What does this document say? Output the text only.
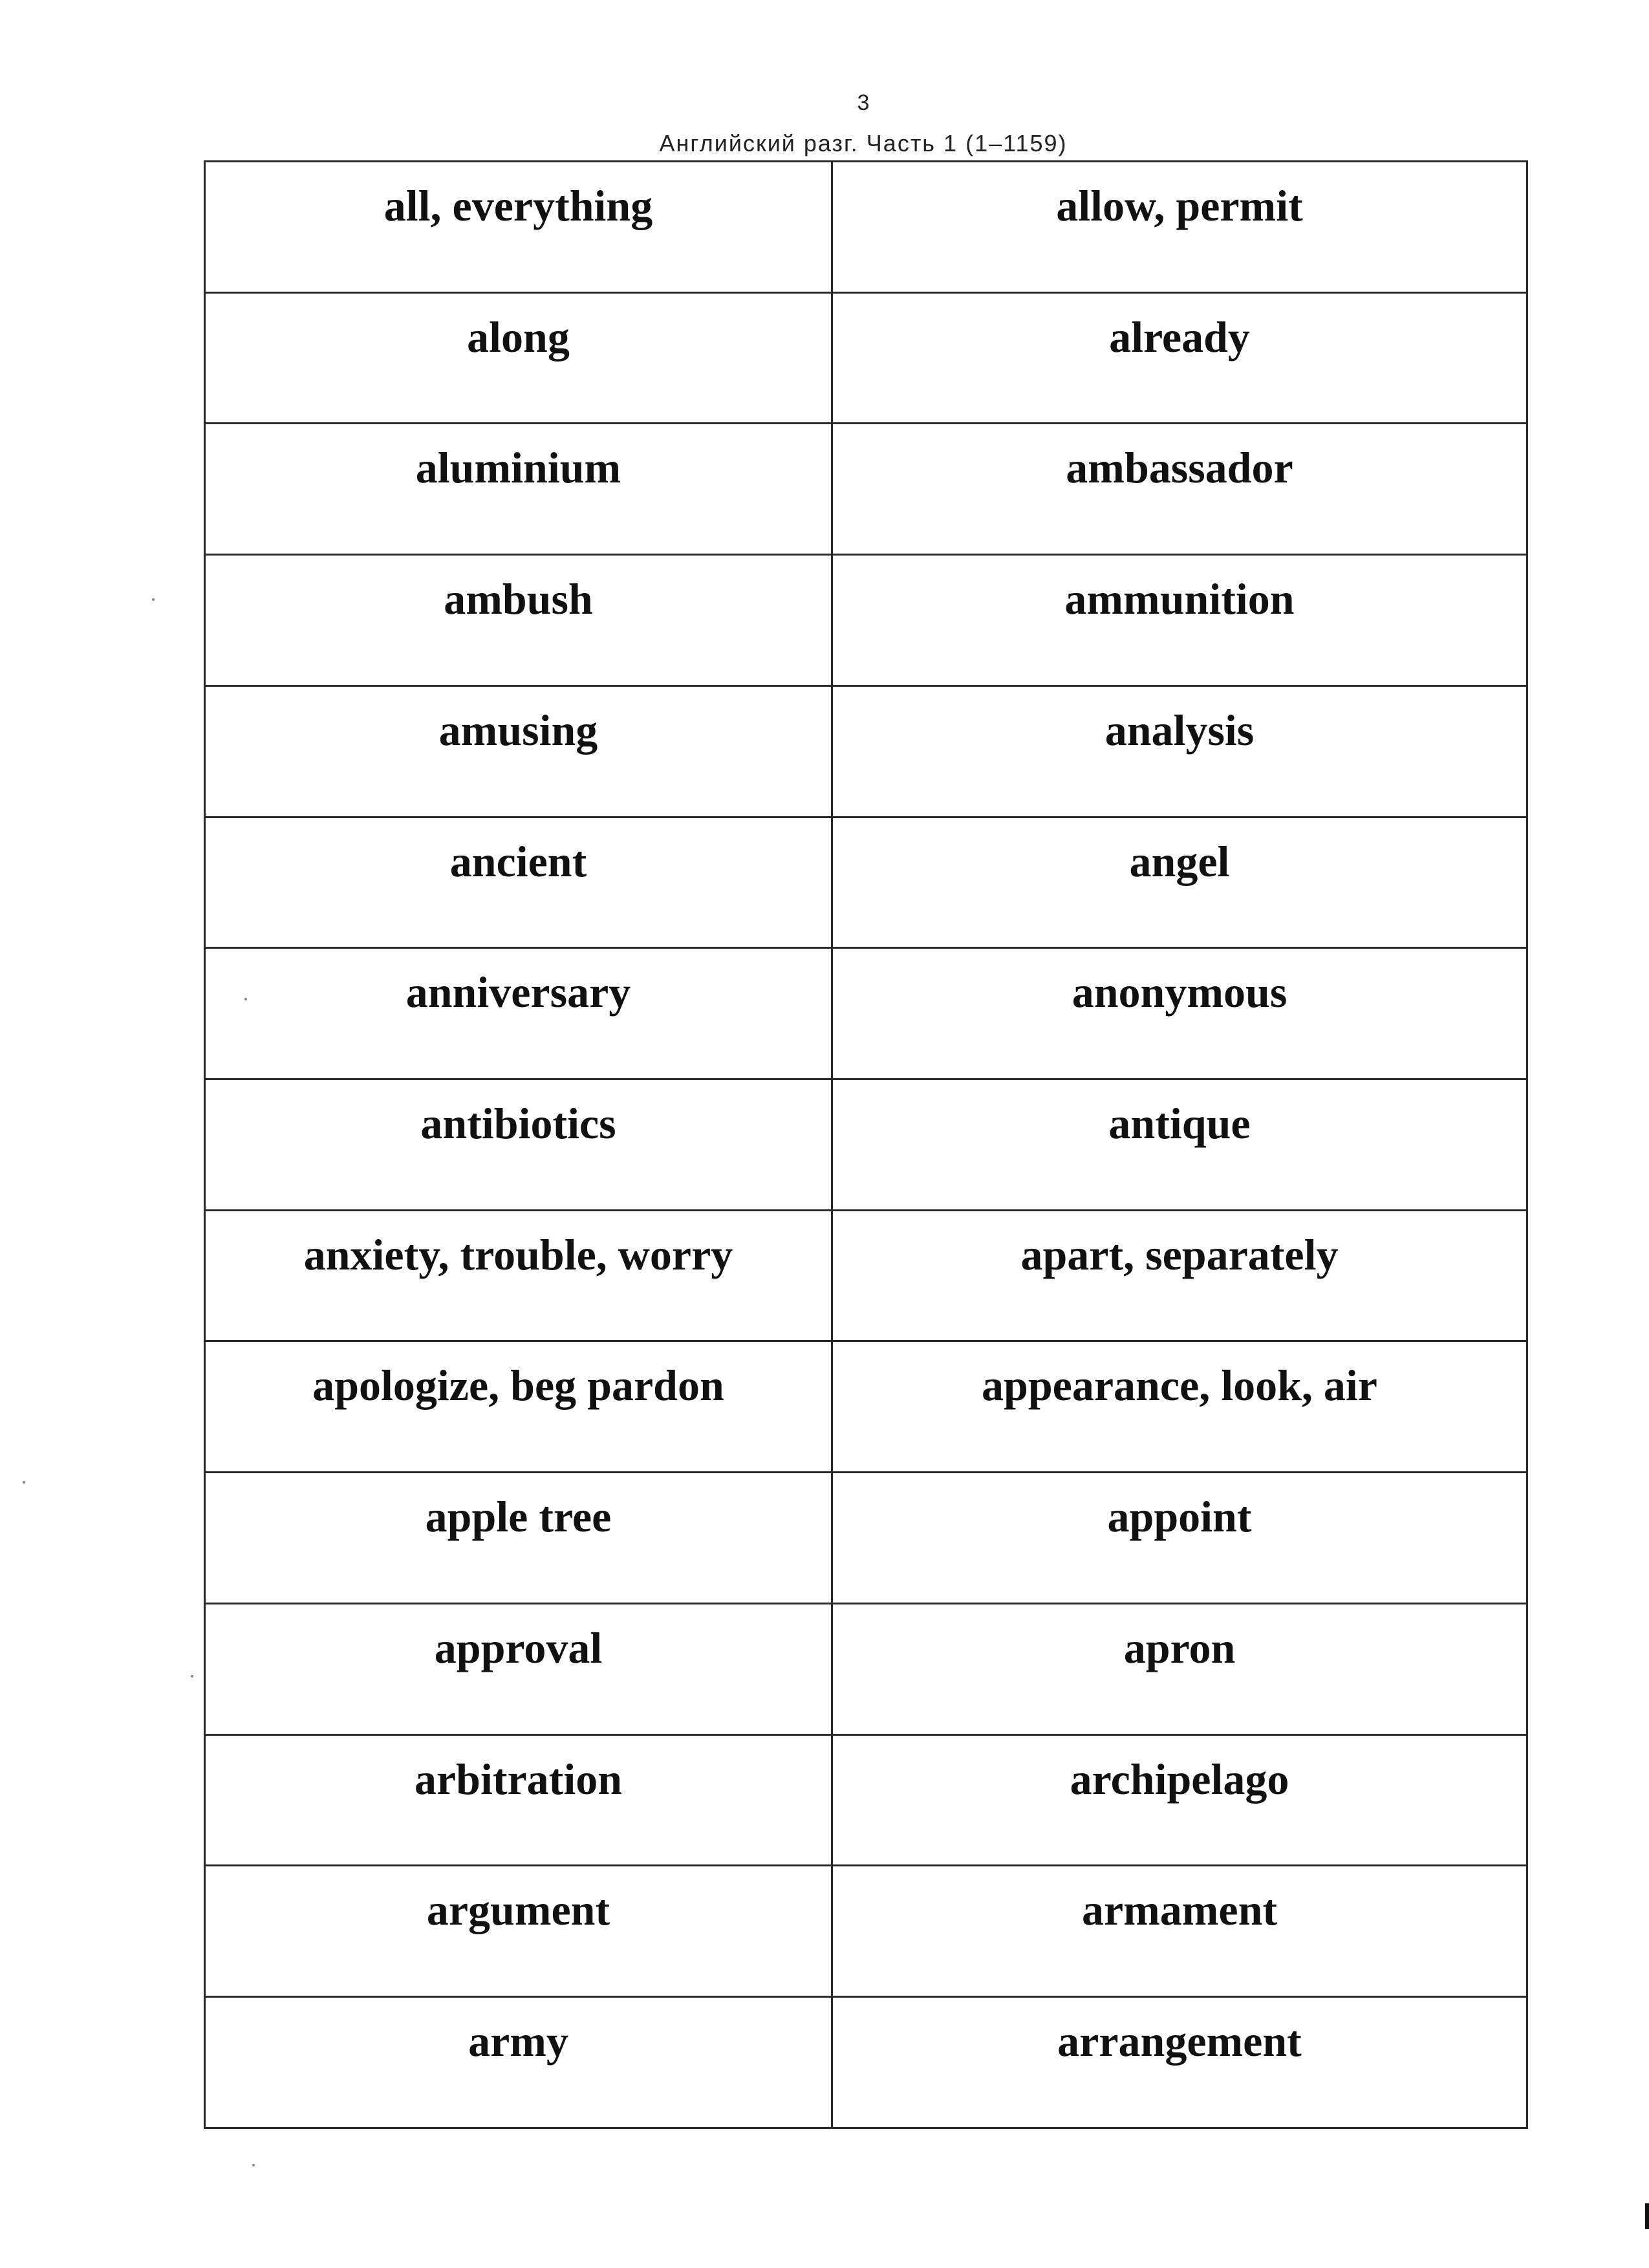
3
Английский разг. Часть 1 (1–1159)
all, everything	allow, permit
along	already
aluminium	ambassador
ambush	ammunition
amusing	analysis
ancient	angel
anniversary	anonymous
antibiotics	antique
anxiety, trouble, worry	apart, separately
apologize, beg pardon	appearance, look, air
apple tree	appoint
approval	apron
arbitration	archipelago
argument	armament
army	arrangement
